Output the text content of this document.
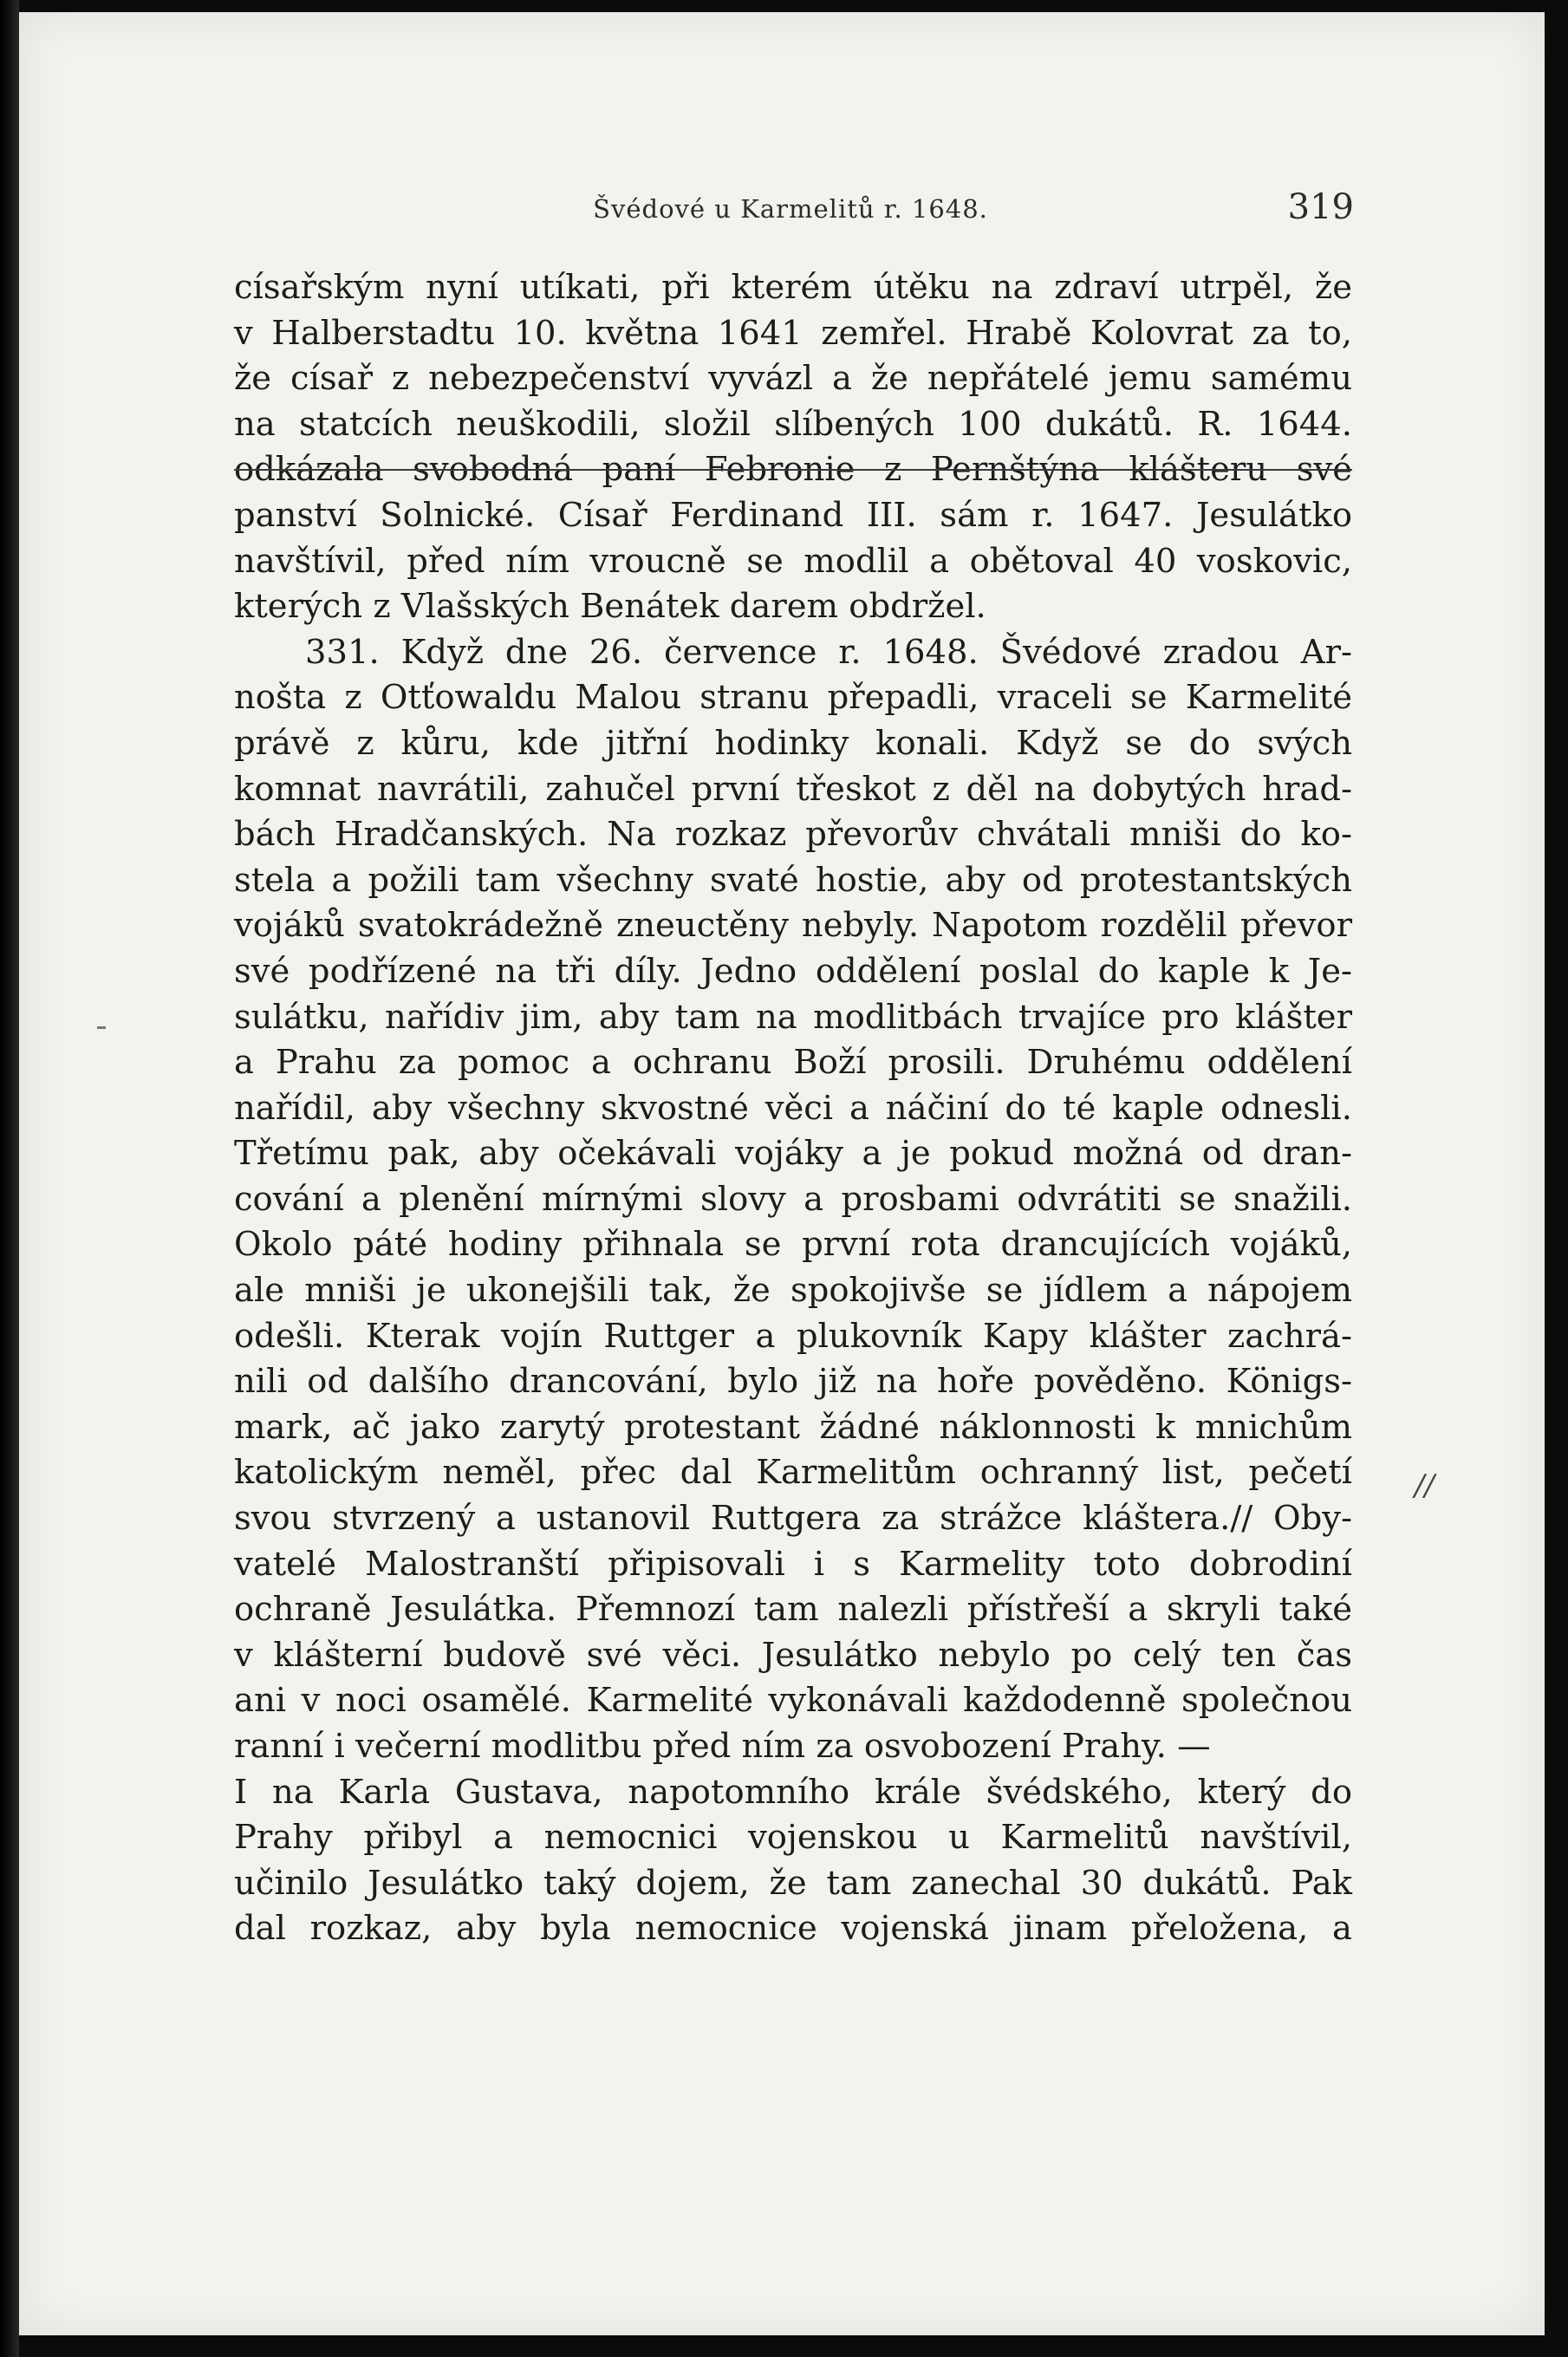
Švédové u Karmelitů r. 1648.	319
//
císařským nyní utíkati, při kterém útěku na zdraví utrpěl, že
v Halberstadtu 10. května 1641 zemřel. Hrabě Kolovrat za to,
že císař z nebezpečenství vyvázl a že nepřátelé jemu samému
na statcích neuškodili, složil slíbených 100 dukátů. R. 1644.
odkázala svobodná paní Febronie z Pernštýna klášteru své
panství Solnické. Císař Ferdinand III. sám r. 1647. Jesulátko
navštívil, před ním vroucně se modlil a obětoval 40 voskovic,
kterých z Vlašských Benátek darem obdržel.
331. Když dne 26. července r. 1648. Švédové zradou Ar-
nošta z Otťowaldu Malou stranu přepadli, vraceli se Karmelité
právě z kůru, kde jitřní hodinky konali. Když se do svých
komnat navrátili, zahučel první třeskot z děl na dobytých hrad-
bách Hradčanských. Na rozkaz převorův chvátali mniši do ko-
stela a požili tam všechny svaté hostie, aby od protestantských
vojáků svatokrádežně zneuctěny nebyly. Napotom rozdělil převor
své podřízené na tři díly. Jedno oddělení poslal do kaple k Je-
sulátku, nařídiv jim, aby tam na modlitbách trvajíce pro klášter
a Prahu za pomoc a ochranu Boží prosili. Druhému oddělení
nařídil, aby všechny skvostné věci a náčiní do té kaple odnesli.
Třetímu pak, aby očekávali vojáky a je pokud možná od dran-
cování a plenění mírnými slovy a prosbami odvrátiti se snažili.
Okolo páté hodiny přihnala se první rota drancujících vojáků,
ale mniši je ukonejšili tak, že spokojivše se jídlem a nápojem
odešli. Kterak vojín Ruttger a plukovník Kapy klášter zachrá-
nili od dalšího drancování, bylo již na hoře pověděno. Königs-
mark, ač jako zarytý protestant žádné náklonnosti k mnichům
katolickým neměl, přec dal Karmelitům ochranný list, pečetí
svou stvrzený a ustanovil Ruttgera za strážce kláštera.// Oby-
vatelé Malostranští připisovali i s Karmelity toto dobrodiní
ochraně Jesulátka. Přemnozí tam nalezli přístřeší a skryli také
v klášterní budově své věci. Jesulátko nebylo po celý ten čas
ani v noci osamělé. Karmelité vykonávali každodenně společnou
ranní i večerní modlitbu před ním za osvobození Prahy. —
I na Karla Gustava, napotomního krále švédského, který do
Prahy přibyl a nemocnici vojenskou u Karmelitů navštívil,
učinilo Jesulátko taký dojem, že tam zanechal 30 dukátů. Pak
dal rozkaz, aby byla nemocnice vojenská jinam přeložena, a
